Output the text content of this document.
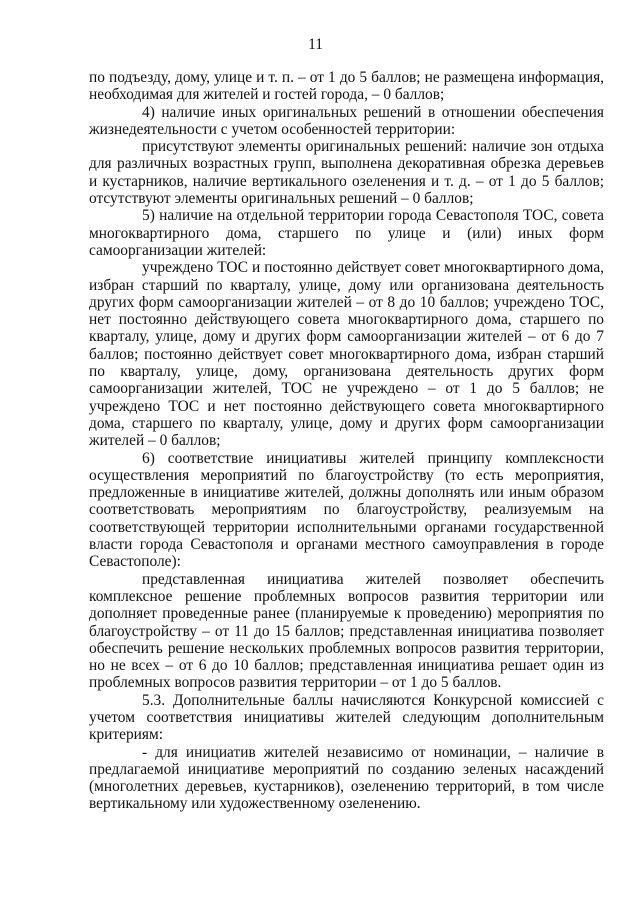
11

по подъезду, дому, улице и т. п. – от 1 до 5 баллов; не размещена информация, необходимая для жителей и гостей города, – 0 баллов;

4) наличие иных оригинальных решений в отношении обеспечения жизнедеятельности с учетом особенностей территории:

присутствуют элементы оригинальных решений: наличие зон отдыха для различных возрастных групп, выполнена декоративная обрезка деревьев и кустарников, наличие вертикального озеленения и т. д. – от 1 до 5 баллов; отсутствуют элементы оригинальных решений – 0 баллов;

5) наличие на отдельной территории города Севастополя ТОС, совета многоквартирного дома, старшего по улице и (или) иных форм самоорганизации жителей:

учреждено ТОС и постоянно действует совет многоквартирного дома, избран старший по кварталу, улице, дому или организована деятельность других форм самоорганизации жителей – от 8 до 10 баллов; учреждено ТОС, нет постоянно действующего совета многоквартирного дома, старшего по кварталу, улице, дому и других форм самоорганизации жителей – от 6 до 7 баллов; постоянно действует совет многоквартирного дома, избран старший по кварталу, улице, дому, организована деятельность других форм самоорганизации жителей, ТОС не учреждено – от 1 до 5 баллов; не учреждено ТОС и нет постоянно действующего совета многоквартирного дома, старшего по кварталу, улице, дому и других форм самоорганизации жителей – 0 баллов;

6) соответствие инициативы жителей принципу комплексности осуществления мероприятий по благоустройству (то есть мероприятия, предложенные в инициативе жителей, должны дополнять или иным образом соответствовать мероприятиям по благоустройству, реализуемым на соответствующей территории исполнительными органами государственной власти города Севастополя и органами местного самоуправления в городе Севастополе):

представленная инициатива жителей позволяет обеспечить комплексное решение проблемных вопросов развития территории или дополняет проведенные ранее (планируемые к проведению) мероприятия по благоустройству – от 11 до 15 баллов; представленная инициатива позволяет обеспечить решение нескольких проблемных вопросов развития территории, но не всех – от 6 до 10 баллов; представленная инициатива решает один из проблемных вопросов развития территории – от 1 до 5 баллов.

5.3. Дополнительные баллы начисляются Конкурсной комиссией с учетом соответствия инициативы жителей следующим дополнительным критериям:

- для инициатив жителей независимо от номинации, – наличие в предлагаемой инициативе мероприятий по созданию зеленых насаждений (многолетних деревьев, кустарников), озеленению территорий, в том числе вертикальному или художественному озеленению.
